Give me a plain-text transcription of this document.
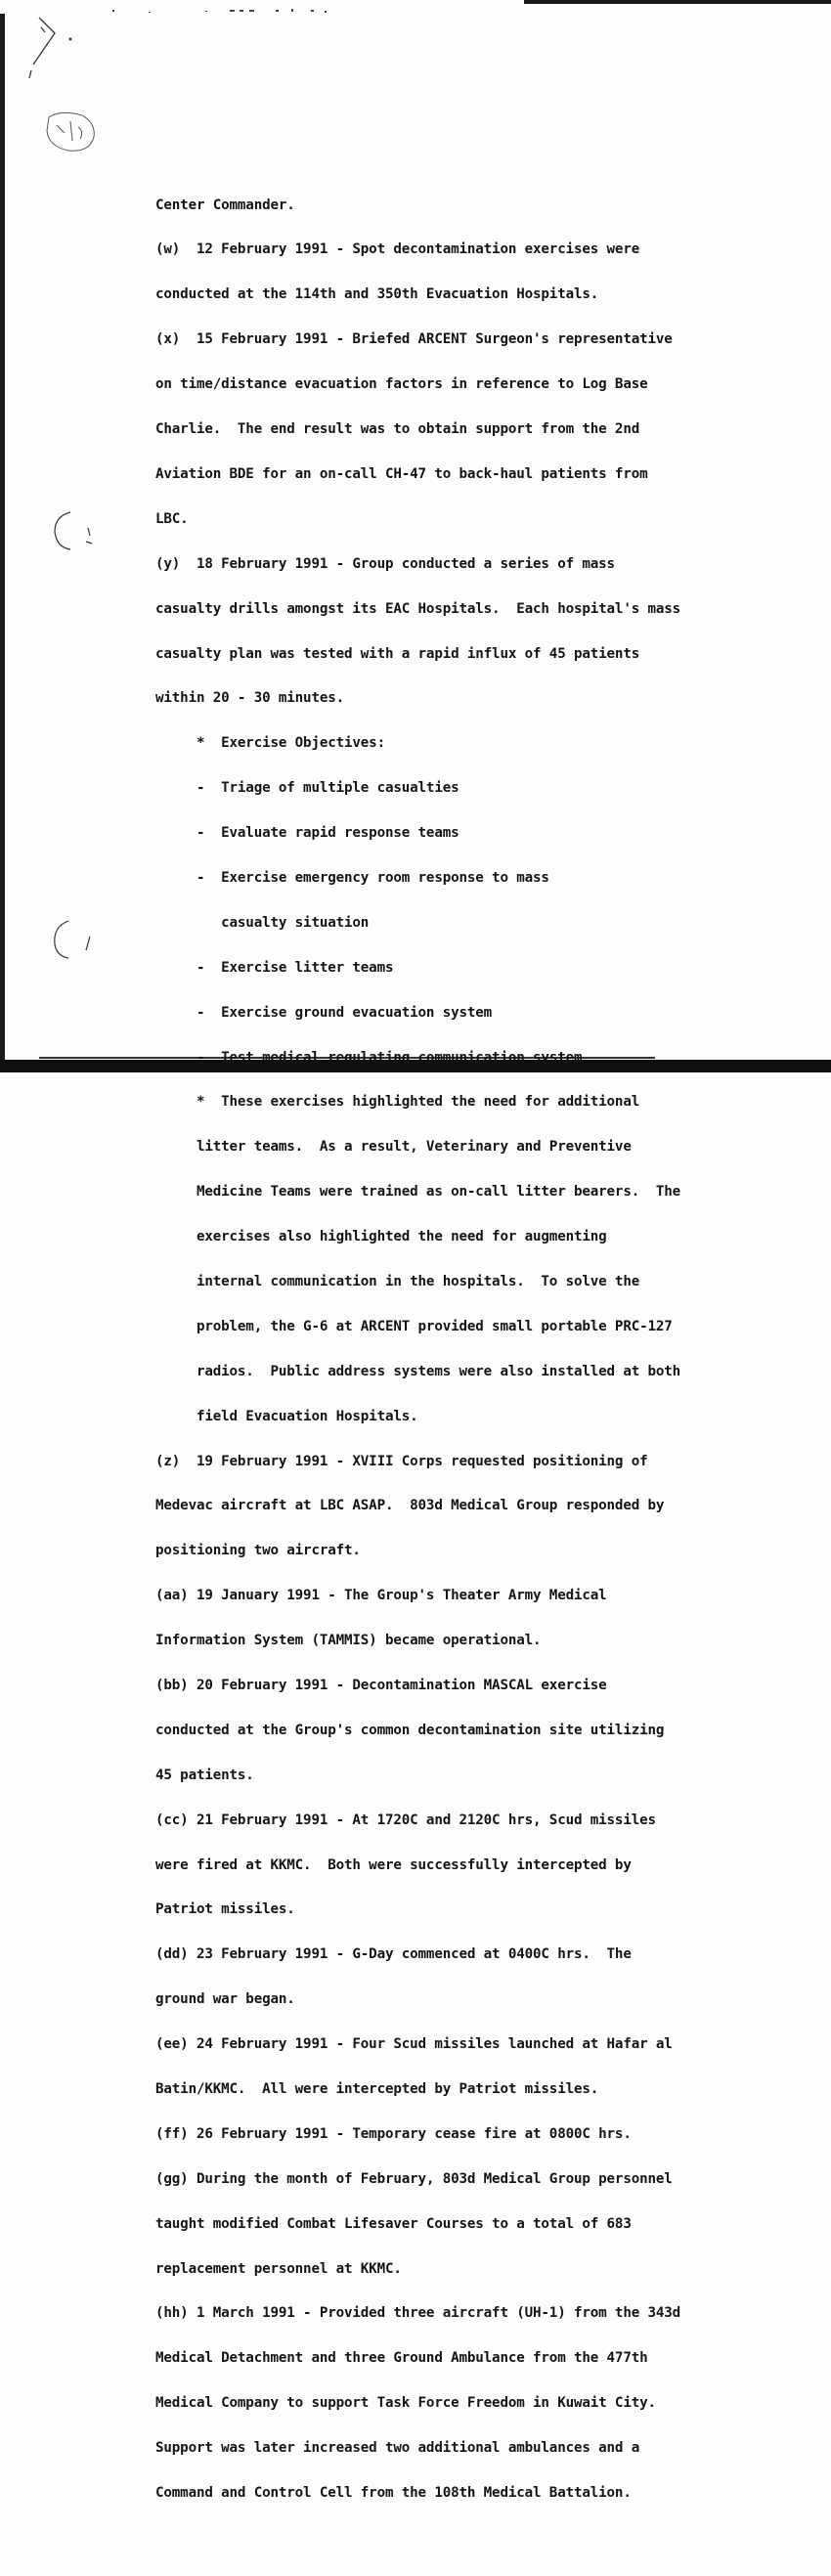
Center Commander.

(w)  12 February 1991 - Spot decontamination exercises were

conducted at the 114th and 350th Evacuation Hospitals.

(x)  15 February 1991 - Briefed ARCENT Surgeon's representative

on time/distance evacuation factors in reference to Log Base

Charlie.  The end result was to obtain support from the 2nd

Aviation BDE for an on-call CH-47 to back-haul patients from

LBC.

(y)  18 February 1991 - Group conducted a series of mass

casualty drills amongst its EAC Hospitals.  Each hospital's mass

casualty plan was tested with a rapid influx of 45 patients

within 20 - 30 minutes.

*  Exercise Objectives:

-  Triage of multiple casualties

-  Evaluate rapid response teams

-  Exercise emergency room response to mass

casualty situation

-  Exercise litter teams

-  Exercise ground evacuation system

-  Test medical regulating communication system

*  These exercises highlighted the need for additional

litter teams.  As a result, Veterinary and Preventive

Medicine Teams were trained as on-call litter bearers.  The

exercises also highlighted the need for augmenting

internal communication in the hospitals.  To solve the

problem, the G-6 at ARCENT provided small portable PRC-127

radios.  Public address systems were also installed at both

field Evacuation Hospitals.

(z)  19 February 1991 - XVIII Corps requested positioning of

Medevac aircraft at LBC ASAP.  803d Medical Group responded by

positioning two aircraft.

(aa) 19 January 1991 - The Group's Theater Army Medical

Information System (TAMMIS) became operational.

(bb) 20 February 1991 - Decontamination MASCAL exercise

conducted at the Group's common decontamination site utilizing

45 patients.

(cc) 21 February 1991 - At 1720C and 2120C hrs, Scud missiles

were fired at KKMC.  Both were successfully intercepted by

Patriot missiles.

(dd) 23 February 1991 - G-Day commenced at 0400C hrs.  The

ground war began.

(ee) 24 February 1991 - Four Scud missiles launched at Hafar al

Batin/KKMC.  All were intercepted by Patriot missiles.

(ff) 26 February 1991 - Temporary cease fire at 0800C hrs.

(gg) During the month of February, 803d Medical Group personnel

taught modified Combat Lifesaver Courses to a total of 683

replacement personnel at KKMC.

(hh) 1 March 1991 - Provided three aircraft (UH-1) from the 343d

Medical Detachment and three Ground Ambulance from the 477th

Medical Company to support Task Force Freedom in Kuwait City.

Support was later increased two additional ambulances and a

Command and Control Cell from the 108th Medical Battalion.
